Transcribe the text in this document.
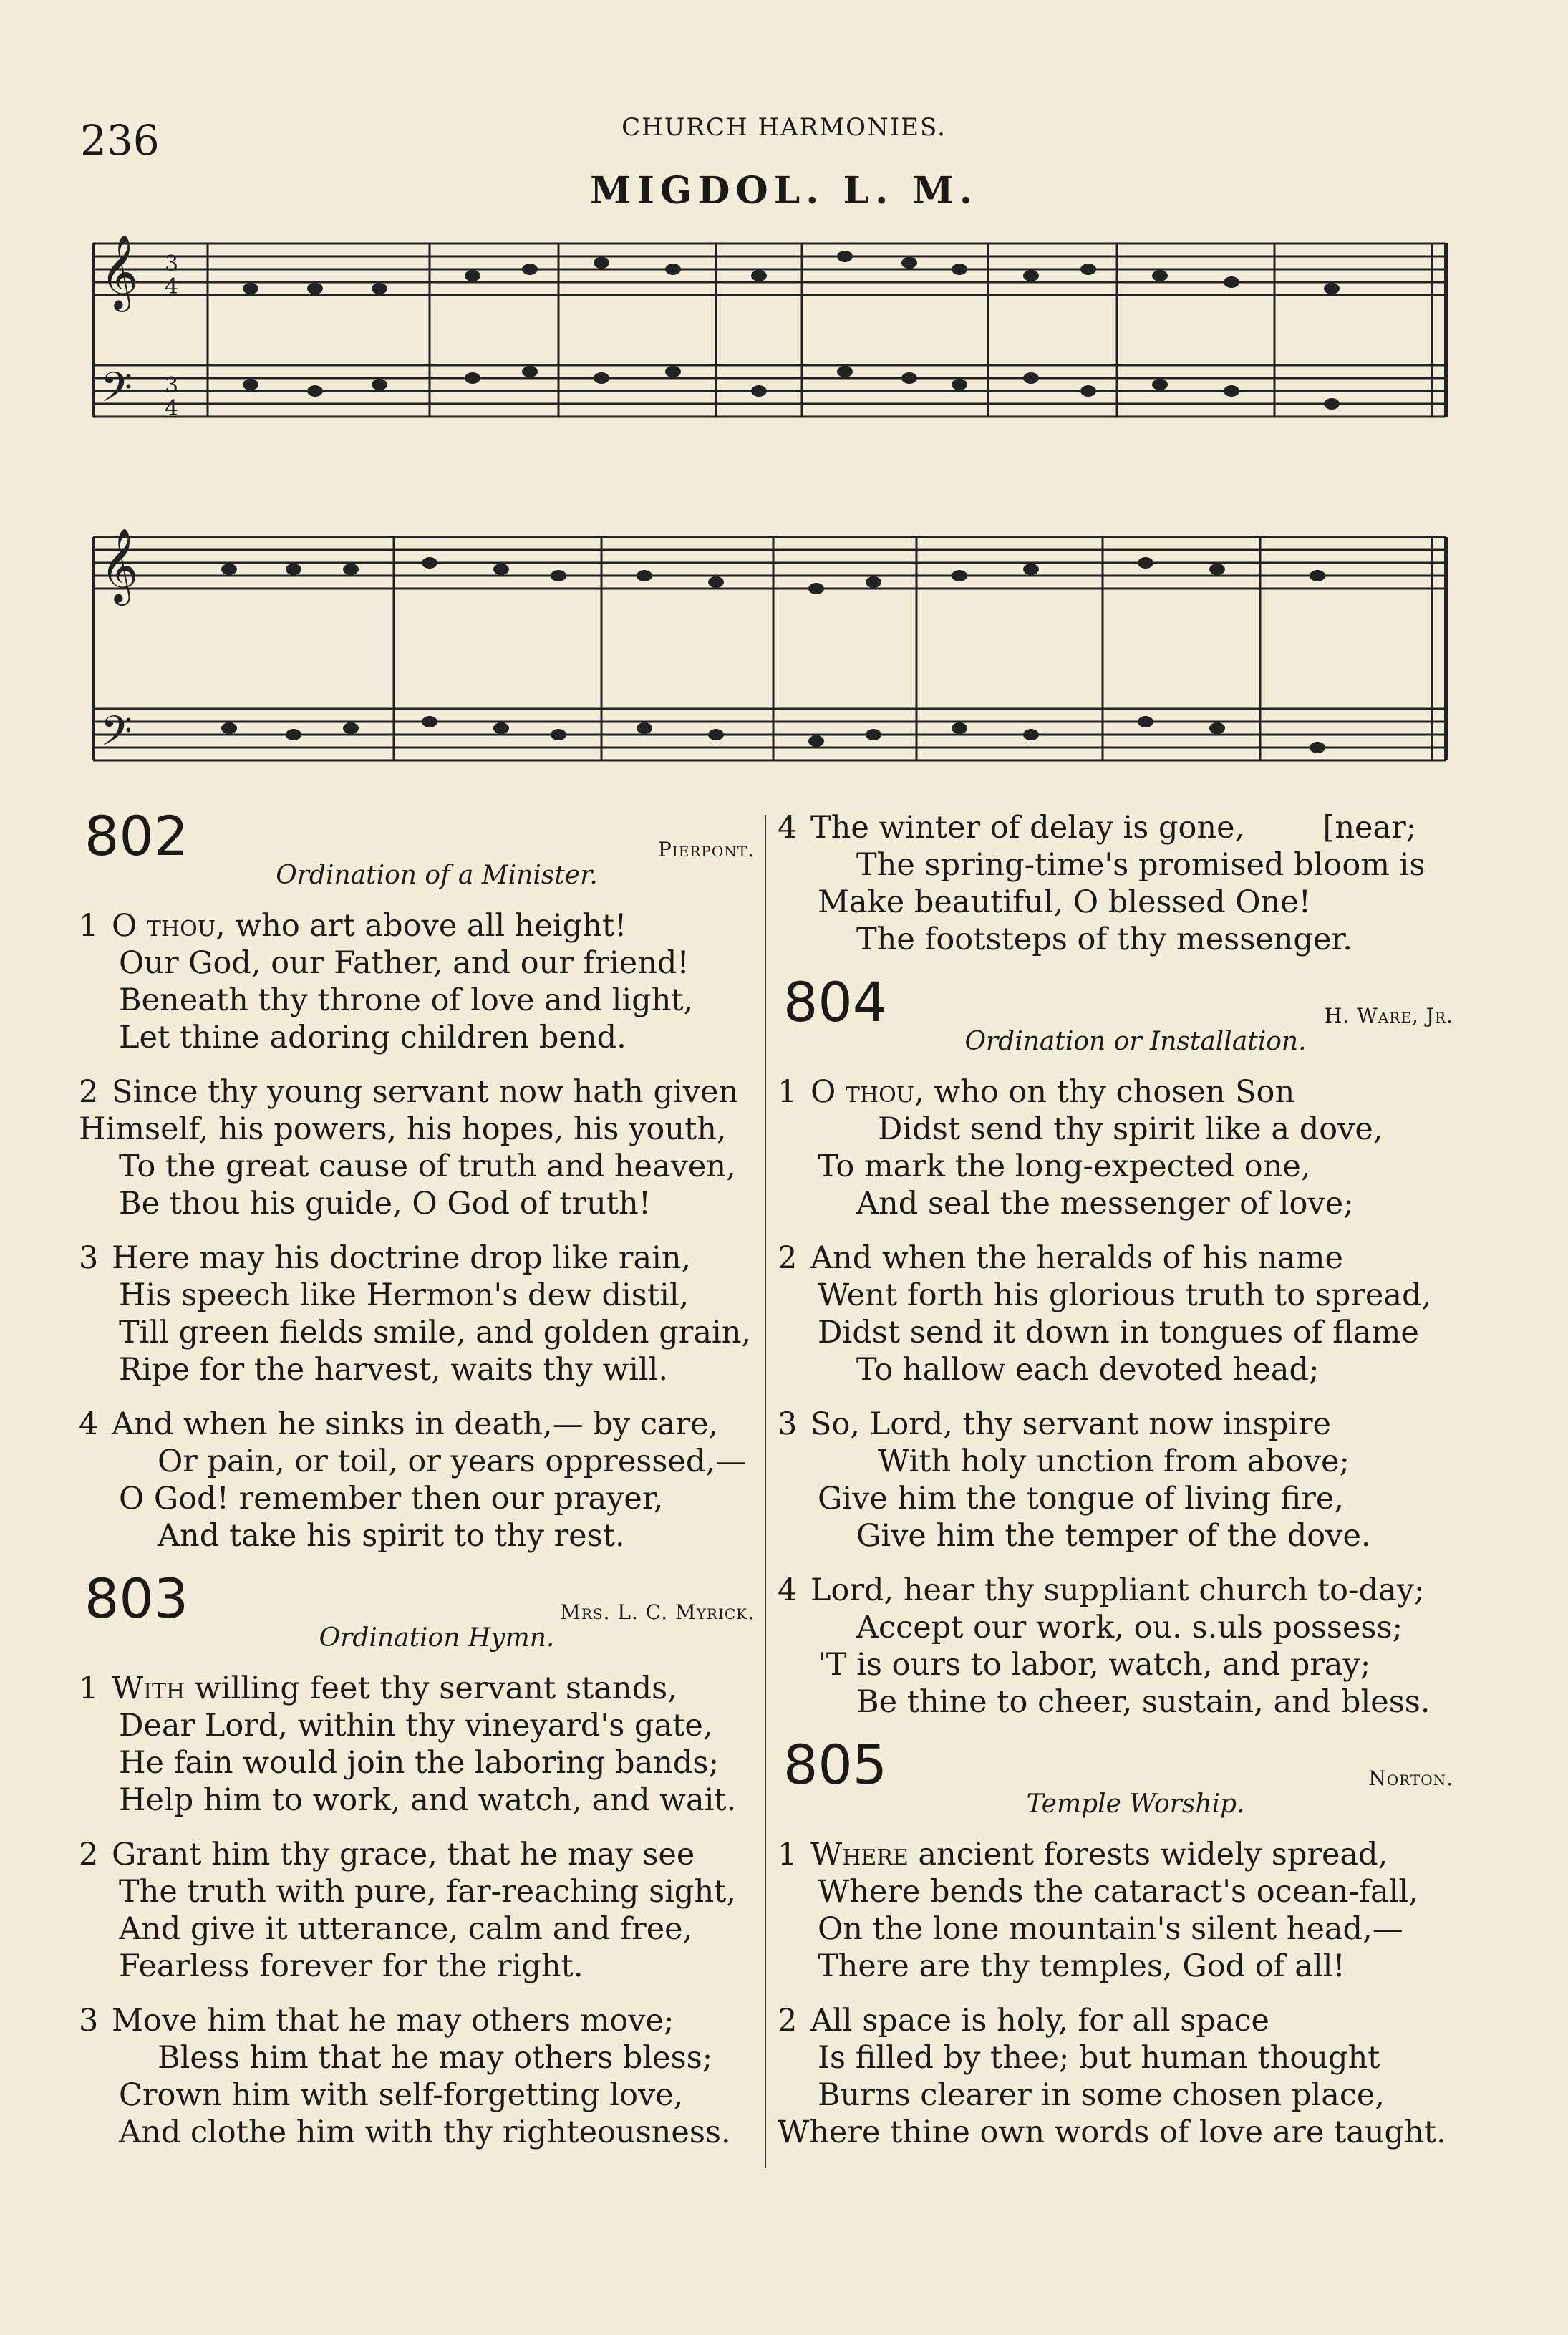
236	CHURCH HARMONIES.
MIGDOL. L. M.
𝄞
𝄢
3
4
3
4
𝄞
𝄢
802	Pierpont.
Ordination of a Minister.
1 O thou, who art above all height!
Our God, our Father, and our friend!
Beneath thy throne of love and light,
Let thine adoring children bend.
2 Since thy young servant now hath given
Himself, his powers, his hopes, his youth,
To the great cause of truth and heaven,
Be thou his guide, O God of truth!
3 Here may his doctrine drop like rain,
His speech like Hermon's dew distil,
Till green fields smile, and golden grain,
Ripe for the harvest, waits thy will.
4 And when he sinks in death,— by care,
Or pain, or toil, or years oppressed,—
O God! remember then our prayer,
And take his spirit to thy rest.
803	Mrs. L. C. Myrick.
Ordination Hymn.
1 With willing feet thy servant stands,
Dear Lord, within thy vineyard's gate,
He fain would join the laboring bands;
Help him to work, and watch, and wait.
2 Grant him thy grace, that he may see
The truth with pure, far-reaching sight,
And give it utterance, calm and free,
Fearless forever for the right.
3 Move him that he may others move;
Bless him that he may others bless;
Crown him with self-forgetting love,
And clothe him with thy righteousness.
4 The winter of delay is gone,        [near;
The spring-time's promised bloom is
Make beautiful, O blessed One!
The footsteps of thy messenger.
804	H. Ware, Jr.
Ordination or Installation.
1 O thou, who on thy chosen Son
Didst send thy spirit like a dove,
To mark the long-expected one,
And seal the messenger of love;
2 And when the heralds of his name
Went forth his glorious truth to spread,
Didst send it down in tongues of flame
To hallow each devoted head;
3 So, Lord, thy servant now inspire
With holy unction from above;
Give him the tongue of living fire,
Give him the temper of the dove.
4 Lord, hear thy suppliant church to-day;
Accept our work, ou. s.uls possess;
'T is ours to labor, watch, and pray;
Be thine to cheer, sustain, and bless.
805	Norton.
Temple Worship.
1 Where ancient forests widely spread,
Where bends the cataract's ocean-fall,
On the lone mountain's silent head,—
There are thy temples, God of all!
2 All space is holy, for all space
Is filled by thee; but human thought
Burns clearer in some chosen place,
Where thine own words of love are taught.
